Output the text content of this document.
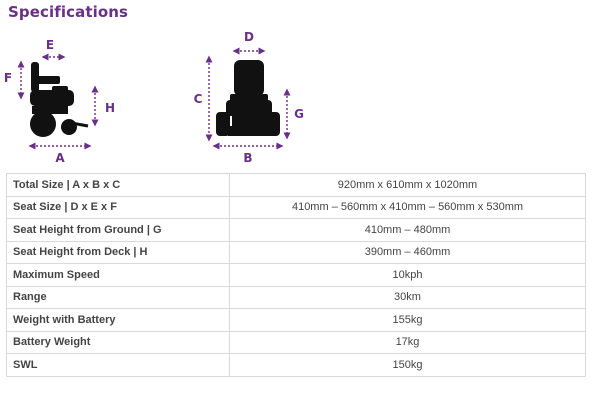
Specifications
E
F
H
A
D
C
G
B
Total Size | A x B x C	920mm x 610mm x 1020mm
Seat Size | D x E x F	410mm – 560mm x 410mm – 560mm x 530mm
Seat Height from Ground | G	410mm – 480mm
Seat Height from Deck | H	390mm – 460mm
Maximum Speed	10kph
Range	30km
Weight with Battery	155kg
Battery Weight	17kg
SWL	150kg
